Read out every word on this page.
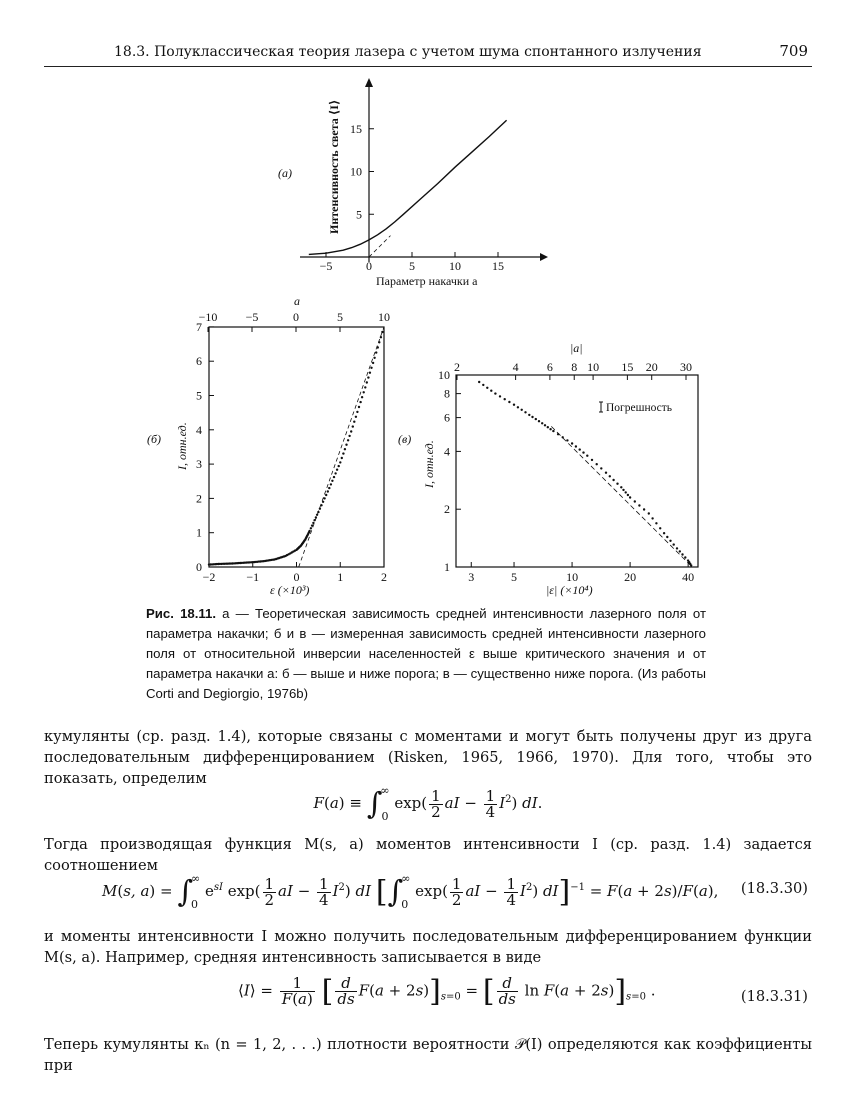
18.3. Полуклассическая теория лазера с учетом шума спонтанного излучения	709
(a)	Интенсивность света ⟨I⟩
Параметр накачки a
−5	0	5	10	15
5
10
15
(б) I, отн.ед.
ε (×10³)
a
−2	−1	0	1	2
0
1
2
3
4
5
6
7
−10 −5	0	5	10
(в)
I, отн.ед.
|ε| (×10⁴)
|a|
3	5	10	20	40
1
2
4
6
8
10
2	4 6 8 10 15 20 30
Погрешность
Рис. 18.11. a — Теоретическая зависимость средней интенсивности лазерного поля от параметра накачки; б и в — измеренная зависимость средней интенсивности лазерного поля от относительной инверсии населенностей ε выше критического значения и от параметра накачки a: б — выше и ниже порога; в — существенно ниже порога. (Из работы Corti and Degiorgio, 1976b)
кумулянты (ср. разд. 1.4), которые связаны с моментами и могут быть получены друг из друга последовательным дифференцированием (Risken, 1965, 1966, 1970). Для того, чтобы это показать, определим
F(a) ≡ ∫
∞
0
$\exp( \frac{1}{2}$ aI − $\frac{1}{4} I^2$) dI.
Тогда производящая функция M(s, a) моментов интенсивности I (ср. разд. 1.4) задается соотношением
M(s, a) = ∫
∞
0
$e^{sI}$ $\exp( \frac{1}{2}$ aI − $\frac{1}{4} I^2$) dI [∫
∞
0
$\exp( \frac{1}{2}$ aI − $\frac{1}{4} I^2$) dI]$^{-1}$ = F(a + 2s)/F(a),	(18.3.30)
и моменты интенсивности I можно получить последовательным дифференцированием функции M(s, a). Например, средняя интенсивность записывается в виде
⟨I⟩ = $\frac{1}{F(a)}$ [ $\frac{d}{ds} F(a + 2s)]_{s=0}$ = [ $\frac{d}{ds}$ $\ln F(a + 2s)]_{s=0}$ .	(18.3.31)
Теперь кумулянты κₙ (n = 1, 2, . . .) плотности вероятности 𝒫(I) определяются как коэффициенты при
